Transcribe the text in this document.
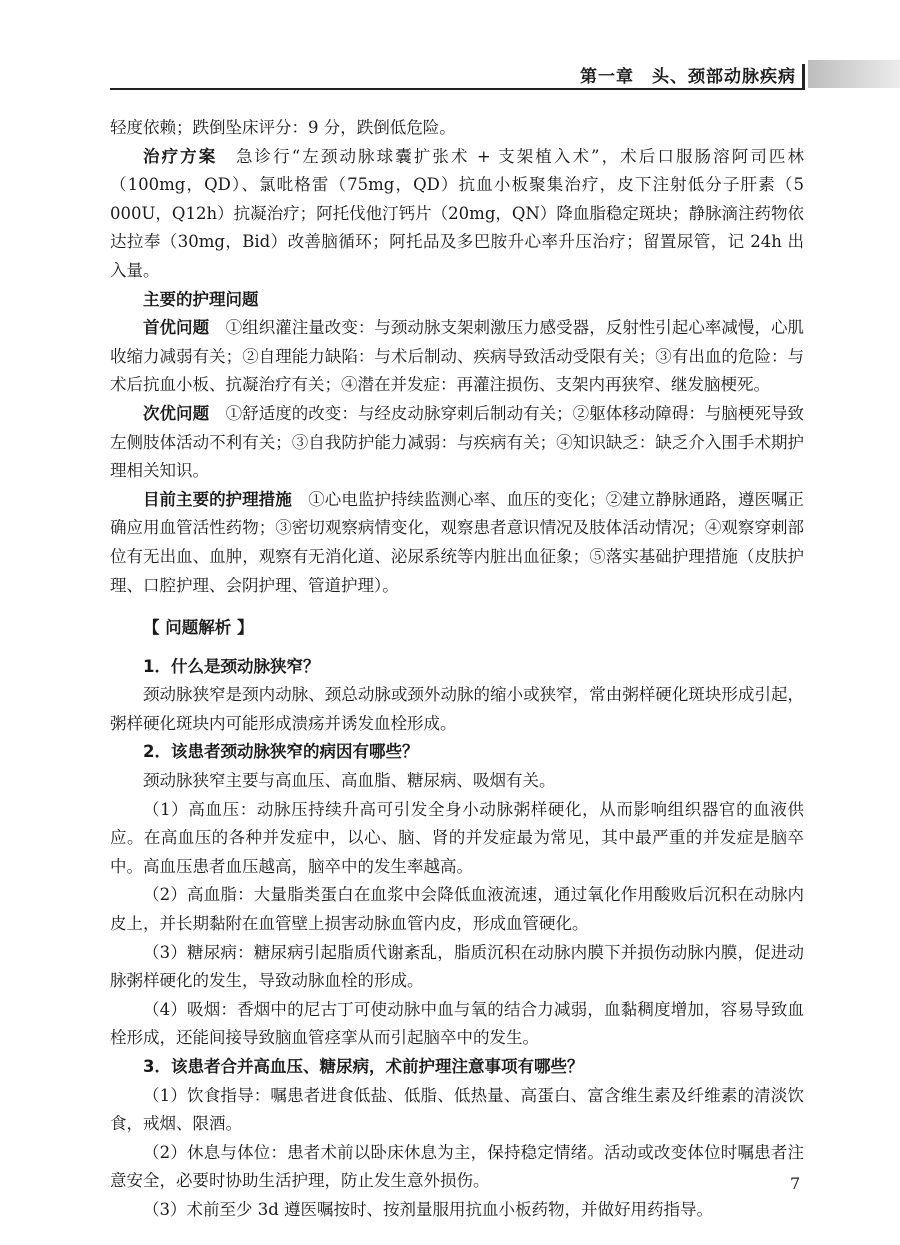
第一章　头、颈部动脉疾病

轻度依赖；跌倒坠床评分：9 分，跌倒低危险。

治疗方案　 急诊行“左颈动脉球囊扩张术 + 支架植入术”，术后口服肠溶阿司匹林（100mg，QD）、氯吡格雷（75mg，QD）抗血小板聚集治疗，皮下注射低分子肝素（5 000U，Q12h）抗凝治疗；阿托伐他汀钙片（20mg，QN）降血脂稳定斑块；静脉滴注药物依达拉奉（30mg，Bid）改善脑循环；阿托品及多巴胺升心率升压治疗；留置尿管，记 24h 出入量。

主要的护理问题

首优问题　 ①组织灌注量改变：与颈动脉支架刺激压力感受器，反射性引起心率减慢，心肌收缩力减弱有关；②自理能力缺陷：与术后制动、疾病导致活动受限有关；③有出血的危险：与术后抗血小板、抗凝治疗有关；④潜在并发症：再灌注损伤、支架内再狭窄、继发脑梗死。

次优问题　 ①舒适度的改变：与经皮动脉穿刺后制动有关；②躯体移动障碍：与脑梗死导致左侧肢体活动不利有关；③自我防护能力减弱：与疾病有关；④知识缺乏：缺乏介入围手术期护理相关知识。

目前主要的护理措施　 ①心电监护持续监测心率、血压的变化；②建立静脉通路，遵医嘱正确应用血管活性药物；③密切观察病情变化，观察患者意识情况及肢体活动情况；④观察穿刺部位有无出血、血肿，观察有无消化道、泌尿系统等内脏出血征象；⑤落实基础护理措施（皮肤护理、口腔护理、会阴护理、管道护理）。

【 问题解析 】

1．什么是颈动脉狭窄？

颈动脉狭窄是颈内动脉、颈总动脉或颈外动脉的缩小或狭窄，常由粥样硬化斑块形成引起，粥样硬化斑块内可能形成溃疡并诱发血栓形成。

2．该患者颈动脉狭窄的病因有哪些？

颈动脉狭窄主要与高血压、高血脂、糖尿病、吸烟有关。

（1）高血压：动脉压持续升高可引发全身小动脉粥样硬化，从而影响组织器官的血液供应。在高血压的各种并发症中，以心、脑、肾的并发症最为常见，其中最严重的并发症是脑卒中。高血压患者血压越高，脑卒中的发生率越高。

（2）高血脂：大量脂类蛋白在血浆中会降低血液流速，通过氧化作用酸败后沉积在动脉内皮上，并长期黏附在血管壁上损害动脉血管内皮，形成血管硬化。

（3）糖尿病：糖尿病引起脂质代谢紊乱，脂质沉积在动脉内膜下并损伤动脉内膜，促进动脉粥样硬化的发生，导致动脉血栓的形成。

（4）吸烟：香烟中的尼古丁可使动脉中血与氧的结合力减弱，血黏稠度增加，容易导致血栓形成，还能间接导致脑血管痉挛从而引起脑卒中的发生。

3．该患者合并高血压、糖尿病，术前护理注意事项有哪些？

（1）饮食指导：嘱患者进食低盐、低脂、低热量、高蛋白、富含维生素及纤维素的清淡饮食，戒烟、限酒。

（2）休息与体位：患者术前以卧床休息为主，保持稳定情绪。活动或改变体位时嘱患者注意安全，必要时协助生活护理，防止发生意外损伤。

（3）术前至少 3d 遵医嘱按时、按剂量服用抗血小板药物，并做好用药指导。

7
